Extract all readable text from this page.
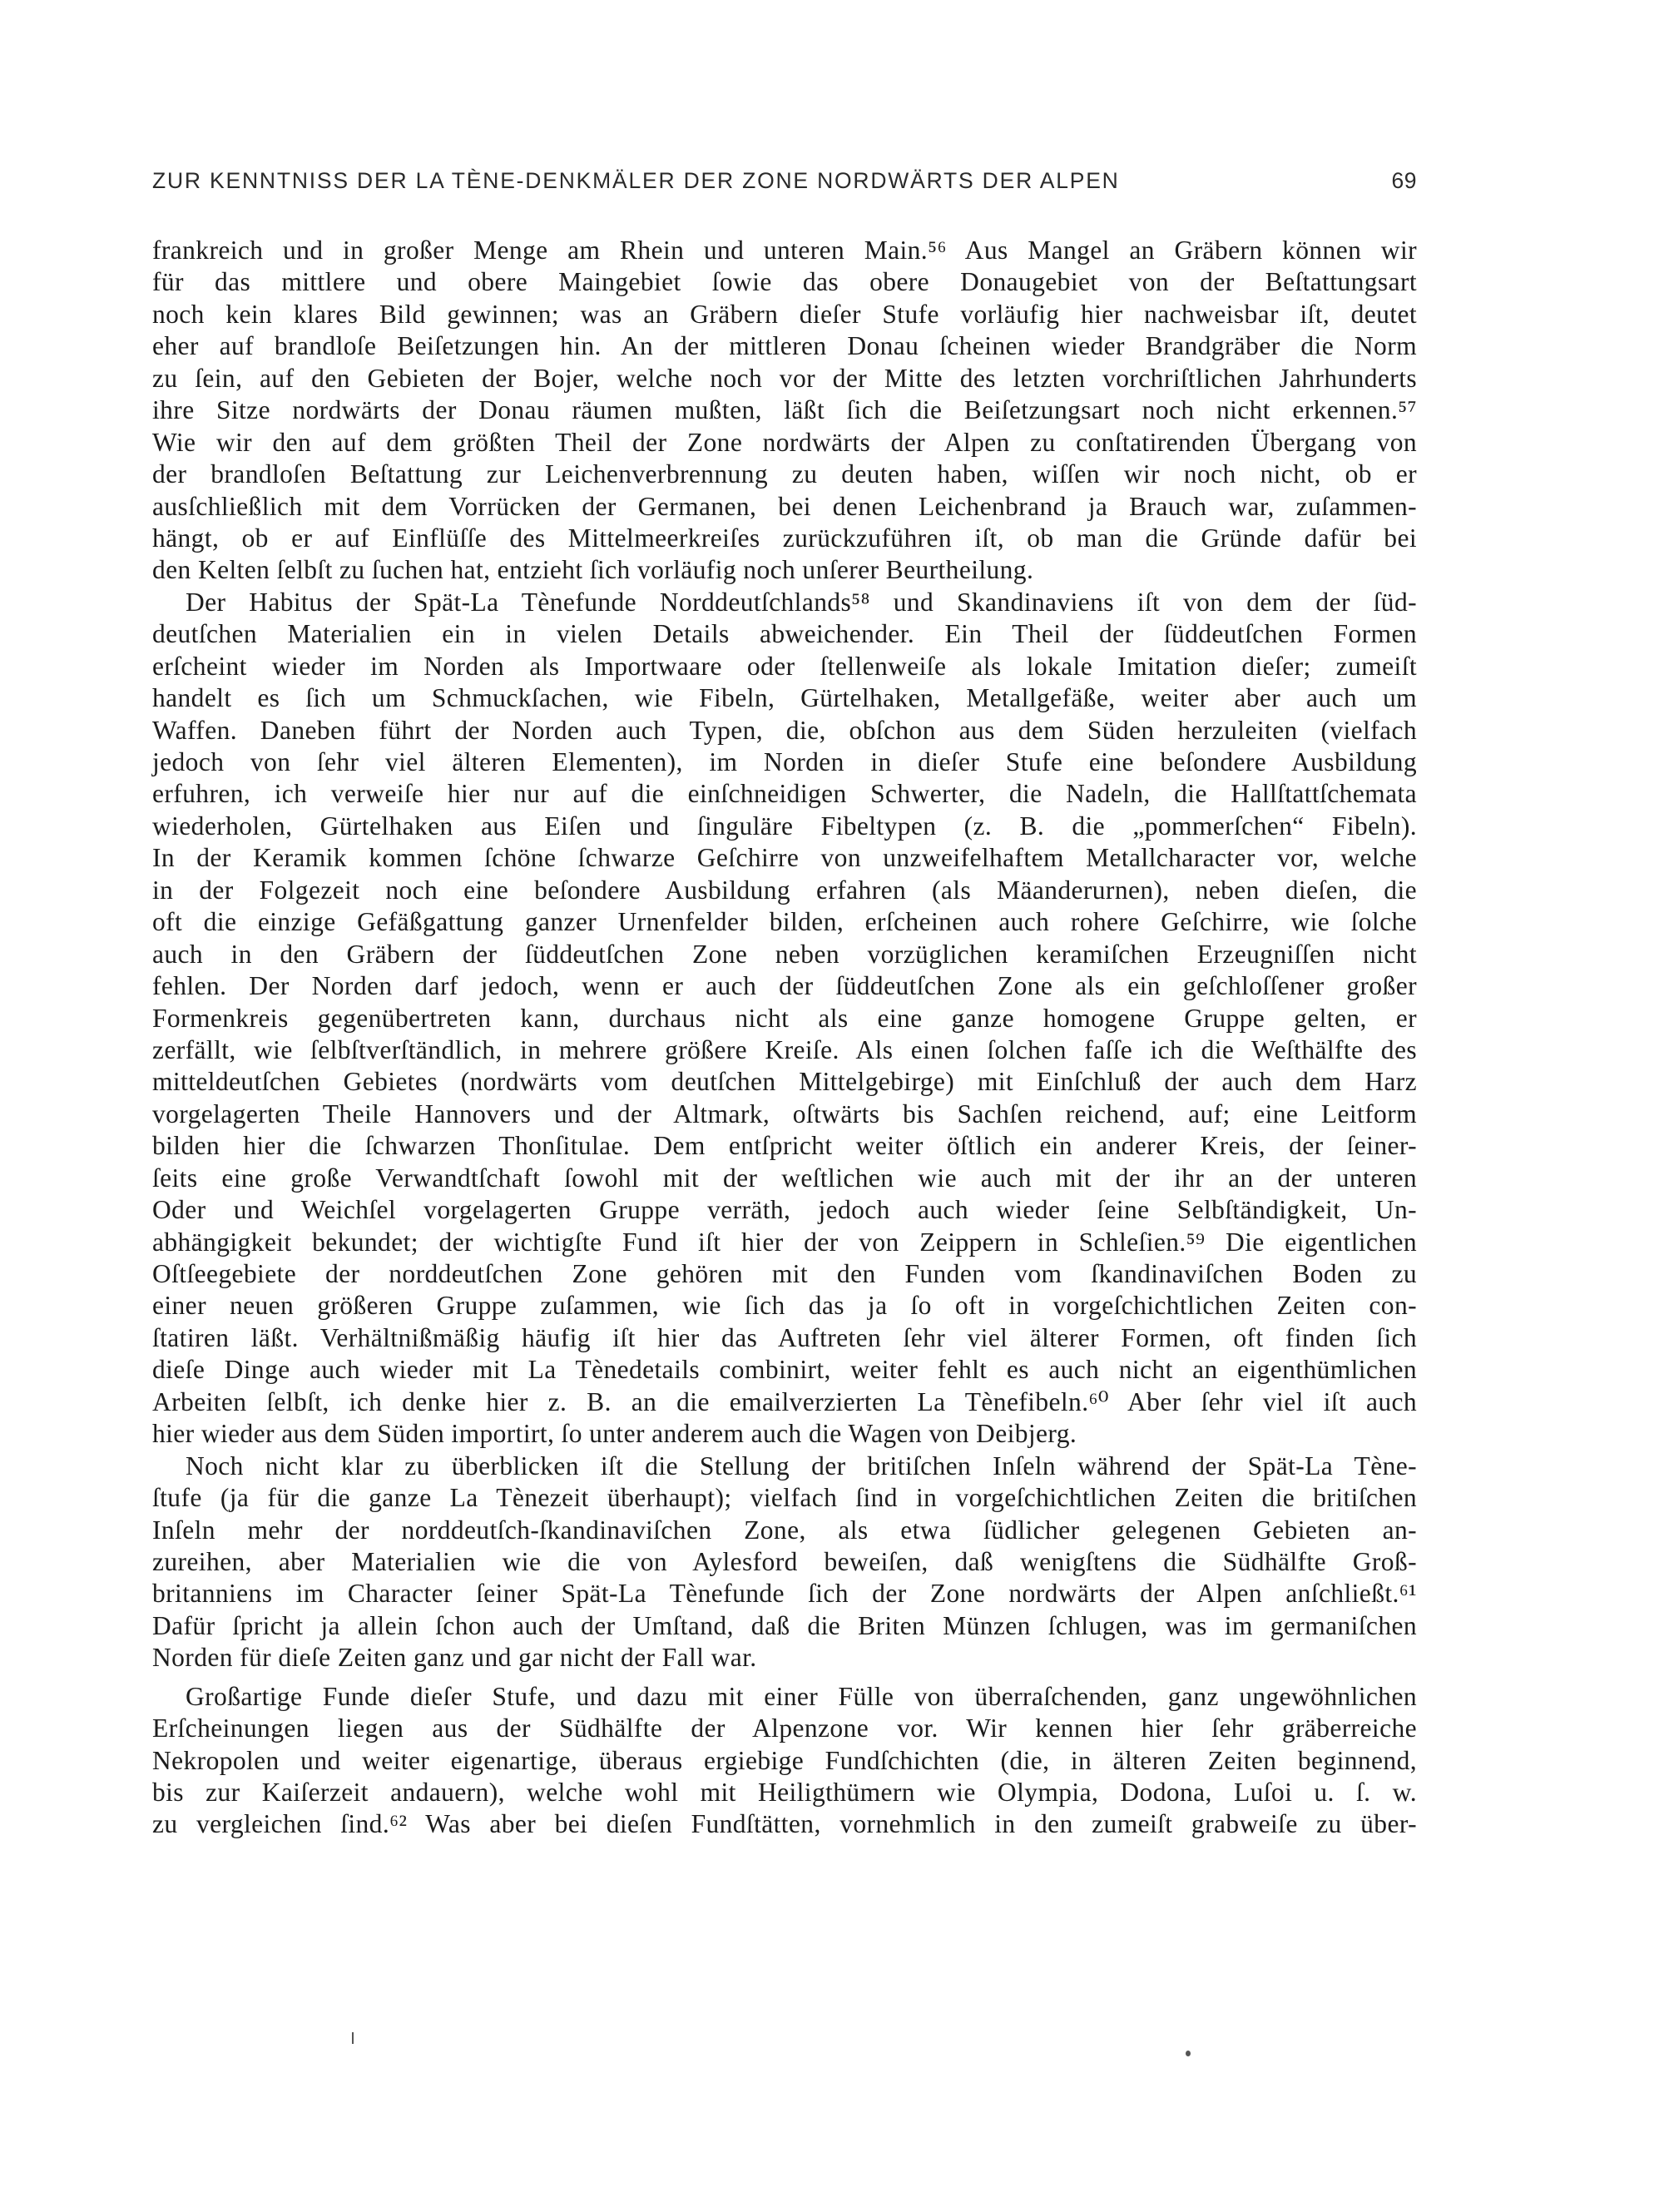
ZUR KENNTNISS DER LA TÈNE-DENKMÄLER DER ZONE NORDWÄRTS DER ALPEN	69
frankreich und in großer Menge am Rhein und unteren Main.⁵⁶ Aus Mangel an Gräbern können wir
für das mittlere und obere Maingebiet ſowie das obere Donaugebiet von der Beſtattungsart
noch kein klares Bild gewinnen; was an Gräbern dieſer Stufe vorläufig hier nachweisbar iſt, deutet
eher auf brandloſe Beiſetzungen hin. An der mittleren Donau ſcheinen wieder Brandgräber die Norm
zu ſein, auf den Gebieten der Bojer, welche noch vor der Mitte des letzten vorchriſtlichen Jahrhunderts
ihre Sitze nordwärts der Donau räumen mußten, läßt ſich die Beiſetzungsart noch nicht erkennen.⁵⁷
Wie wir den auf dem größten Theil der Zone nordwärts der Alpen zu conſtatirenden Übergang von
der brandloſen Beſtattung zur Leichenverbrennung zu deuten haben, wiſſen wir noch nicht, ob er
ausſchließlich mit dem Vorrücken der Germanen, bei denen Leichenbrand ja Brauch war, zuſammen-
hängt, ob er auf Einflüſſe des Mittelmeerkreiſes zurückzuführen iſt, ob man die Gründe dafür bei
den Kelten ſelbſt zu ſuchen hat, entzieht ſich vorläufig noch unſerer Beurtheilung.
Der Habitus der Spät-La Tènefunde Norddeutſchlands⁵⁸ und Skandinaviens iſt von dem der ſüd-
deutſchen Materialien ein in vielen Details abweichender. Ein Theil der ſüddeutſchen Formen
erſcheint wieder im Norden als Importwaare oder ſtellenweiſe als lokale Imitation dieſer; zumeiſt
handelt es ſich um Schmuckſachen, wie Fibeln, Gürtelhaken, Metallgefäße, weiter aber auch um
Waffen. Daneben führt der Norden auch Typen, die, obſchon aus dem Süden herzuleiten (vielfach
jedoch von ſehr viel älteren Elementen), im Norden in dieſer Stufe eine beſondere Ausbildung
erfuhren, ich verweiſe hier nur auf die einſchneidigen Schwerter, die Nadeln, die Hallſtattſchemata
wiederholen, Gürtelhaken aus Eiſen und ſinguläre Fibeltypen (z. B. die „pommerſchen“ Fibeln).
In der Keramik kommen ſchöne ſchwarze Geſchirre von unzweifelhaftem Metallcharacter vor, welche
in der Folgezeit noch eine beſondere Ausbildung erfahren (als Mäanderurnen), neben dieſen, die
oft die einzige Gefäßgattung ganzer Urnenfelder bilden, erſcheinen auch rohere Geſchirre, wie ſolche
auch in den Gräbern der ſüddeutſchen Zone neben vorzüglichen keramiſchen Erzeugniſſen nicht
fehlen. Der Norden darf jedoch, wenn er auch der ſüddeutſchen Zone als ein geſchloſſener großer
Formenkreis gegenübertreten kann, durchaus nicht als eine ganze homogene Gruppe gelten, er
zerfällt, wie ſelbſtverſtändlich, in mehrere größere Kreiſe. Als einen ſolchen faſſe ich die Weſthälfte des
mitteldeutſchen Gebietes (nordwärts vom deutſchen Mittelgebirge) mit Einſchluß der auch dem Harz
vorgelagerten Theile Hannovers und der Altmark, oſtwärts bis Sachſen reichend, auf; eine Leitform
bilden hier die ſchwarzen Thonſitulae. Dem entſpricht weiter öſtlich ein anderer Kreis, der ſeiner-
ſeits eine große Verwandtſchaft ſowohl mit der weſtlichen wie auch mit der ihr an der unteren
Oder und Weichſel vorgelagerten Gruppe verräth, jedoch auch wieder ſeine Selbſtändigkeit, Un-
abhängigkeit bekundet; der wichtigſte Fund iſt hier der von Zeippern in Schleſien.⁵⁹ Die eigentlichen
Oſtſeegebiete der norddeutſchen Zone gehören mit den Funden vom ſkandinaviſchen Boden zu
einer neuen größeren Gruppe zuſammen, wie ſich das ja ſo oft in vorgeſchichtlichen Zeiten con-
ſtatiren läßt. Verhältnißmäßig häufig iſt hier das Auftreten ſehr viel älterer Formen, oft finden ſich
dieſe Dinge auch wieder mit La Tènedetails combinirt, weiter fehlt es auch nicht an eigenthümlichen
Arbeiten ſelbſt, ich denke hier z. B. an die emailverzierten La Tènefibeln.⁶⁰ Aber ſehr viel iſt auch
hier wieder aus dem Süden importirt, ſo unter anderem auch die Wagen von Deibjerg.
Noch nicht klar zu überblicken iſt die Stellung der britiſchen Inſeln während der Spät-La Tène-
ſtufe (ja für die ganze La Tènezeit überhaupt); vielfach ſind in vorgeſchichtlichen Zeiten die britiſchen
Inſeln mehr der norddeutſch-ſkandinaviſchen Zone, als etwa ſüdlicher gelegenen Gebieten an-
zureihen, aber Materialien wie die von Aylesford beweiſen, daß wenigſtens die Südhälfte Groß-
britanniens im Character ſeiner Spät-La Tènefunde ſich der Zone nordwärts der Alpen anſchließt.⁶¹
Dafür ſpricht ja allein ſchon auch der Umſtand, daß die Briten Münzen ſchlugen, was im germaniſchen
Norden für dieſe Zeiten ganz und gar nicht der Fall war.
Großartige Funde dieſer Stufe, und dazu mit einer Fülle von überraſchenden, ganz ungewöhnlichen
Erſcheinungen liegen aus der Südhälfte der Alpenzone vor. Wir kennen hier ſehr gräberreiche
Nekropolen und weiter eigenartige, überaus ergiebige Fundſchichten (die, in älteren Zeiten beginnend,
bis zur Kaiſerzeit andauern), welche wohl mit Heiligthümern wie Olympia, Dodona, Luſoi u. ſ. w.
zu vergleichen ſind.⁶² Was aber bei dieſen Fundſtätten, vornehmlich in den zumeiſt grabweiſe zu über-
